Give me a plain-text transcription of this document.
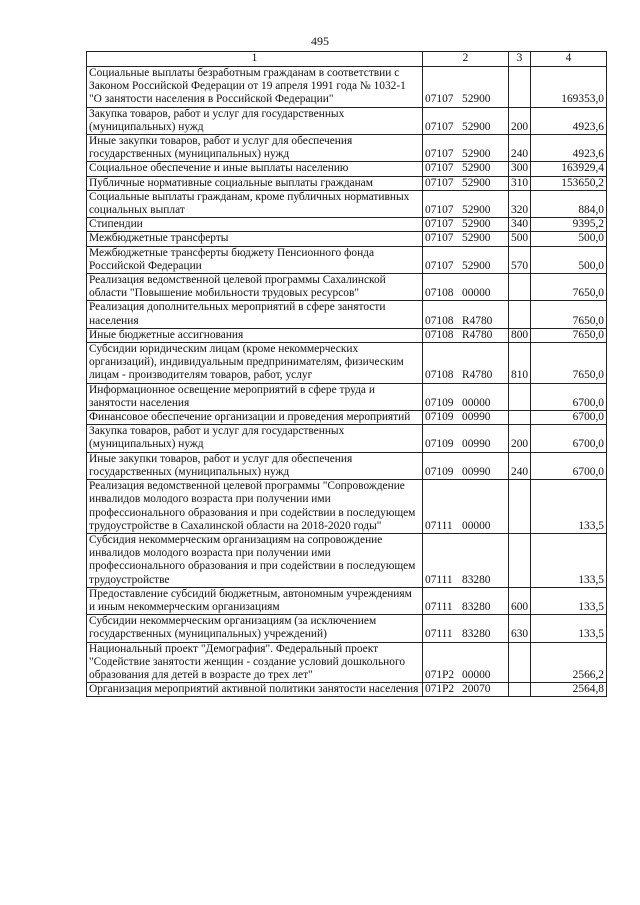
495
1	2	3	4
Социальные выплаты безработным гражданам в соответствии с Законом Российской Федерации от 19 апреля 1991 года № 1032-1 "О занятости населения в Российской Федерации"	07107 52900		169353,0
Закупка товаров, работ и услуг для государственных (муниципальных) нужд	07107 52900	200	4923,6
Иные закупки товаров, работ и услуг для обеспечения государственных (муниципальных) нужд	07107 52900	240	4923,6
Социальное обеспечение и иные выплаты населению	07107 52900	300	163929,4
Публичные нормативные социальные выплаты гражданам	07107 52900	310	153650,2
Социальные выплаты гражданам, кроме публичных нормативных социальных выплат	07107 52900	320	884,0
Стипендии	07107 52900	340	9395,2
Межбюджетные трансферты	07107 52900	500	500,0
Межбюджетные трансферты бюджету Пенсионного фонда Российской Федерации	07107 52900	570	500,0
Реализация ведомственной целевой программы Сахалинской области "Повышение мобильности трудовых ресурсов"	07108 00000		7650,0
Реализация дополнительных мероприятий в сфере занятости населения	07108 R4780		7650,0
Иные бюджетные ассигнования	07108 R4780	800	7650,0
Субсидии юридическим лицам (кроме некоммерческих организаций), индивидуальным предпринимателям, физическим лицам - производителям товаров, работ, услуг	07108 R4780	810	7650,0
Информационное освещение мероприятий в сфере труда и занятости населения	07109 00000		6700,0
Финансовое обеспечение организации и проведения мероприятий	07109 00990		6700,0
Закупка товаров, работ и услуг для государственных (муниципальных) нужд	07109 00990	200	6700,0
Иные закупки товаров, работ и услуг для обеспечения государственных (муниципальных) нужд	07109 00990	240	6700,0
Реализация ведомственной целевой программы "Сопровождение инвалидов молодого возраста при получении ими профессионального образования и при содействии в последующем трудоустройстве в Сахалинской области на 2018-2020 годы"	07111 00000		133,5
Субсидия некоммерческим организациям на сопровождение инвалидов молодого возраста при получении ими профессионального образования и при содействии в последующем трудоустройстве	07111 83280		133,5
Предоставление субсидий бюджетным, автономным учреждениям и иным некоммерческим организациям	07111 83280	600	133,5
Субсидии некоммерческим организациям (за исключением государственных (муниципальных) учреждений)	07111 83280	630	133,5
Национальный проект "Демография". Федеральный проект "Содействие занятости женщин - создание условий дошкольного образования для детей в возрасте до трех лет"	071P2 00000		2566,2
Организация мероприятий активной политики занятости населения	071P2 20070		2564,8
